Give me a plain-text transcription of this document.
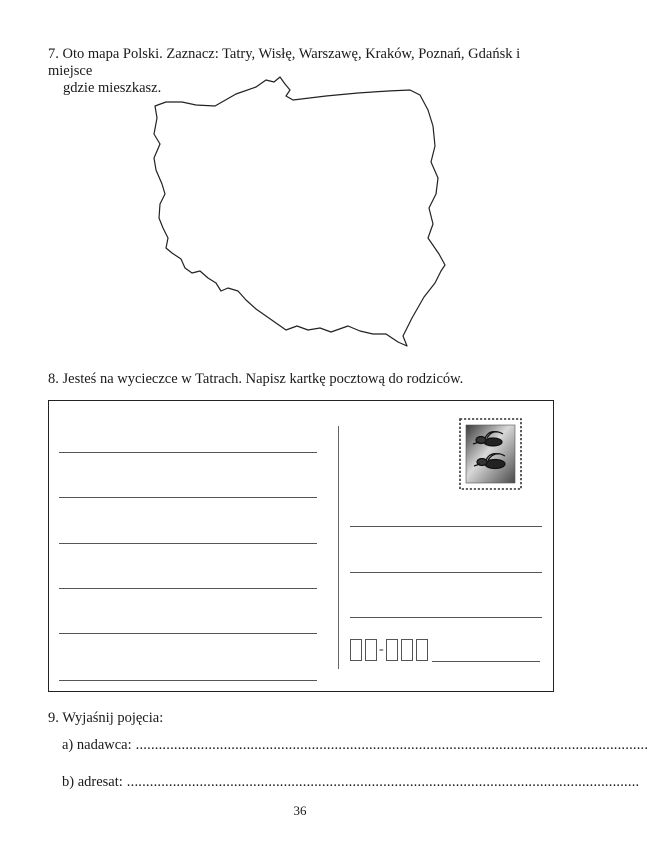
7. Oto mapa Polski. Zaznacz: Tatry, Wisłę, Warszawę, Kraków, Poznań, Gdańsk i miejsce
gdzie mieszkasz.
8. Jesteś na wycieczce w Tatrach. Napisz kartkę pocztową do rodziców.
-
9. Wyjaśnij pojęcia:
a) nadawca: ......................................................................................................................................
b) adresat: ......................................................................................................................................
36
